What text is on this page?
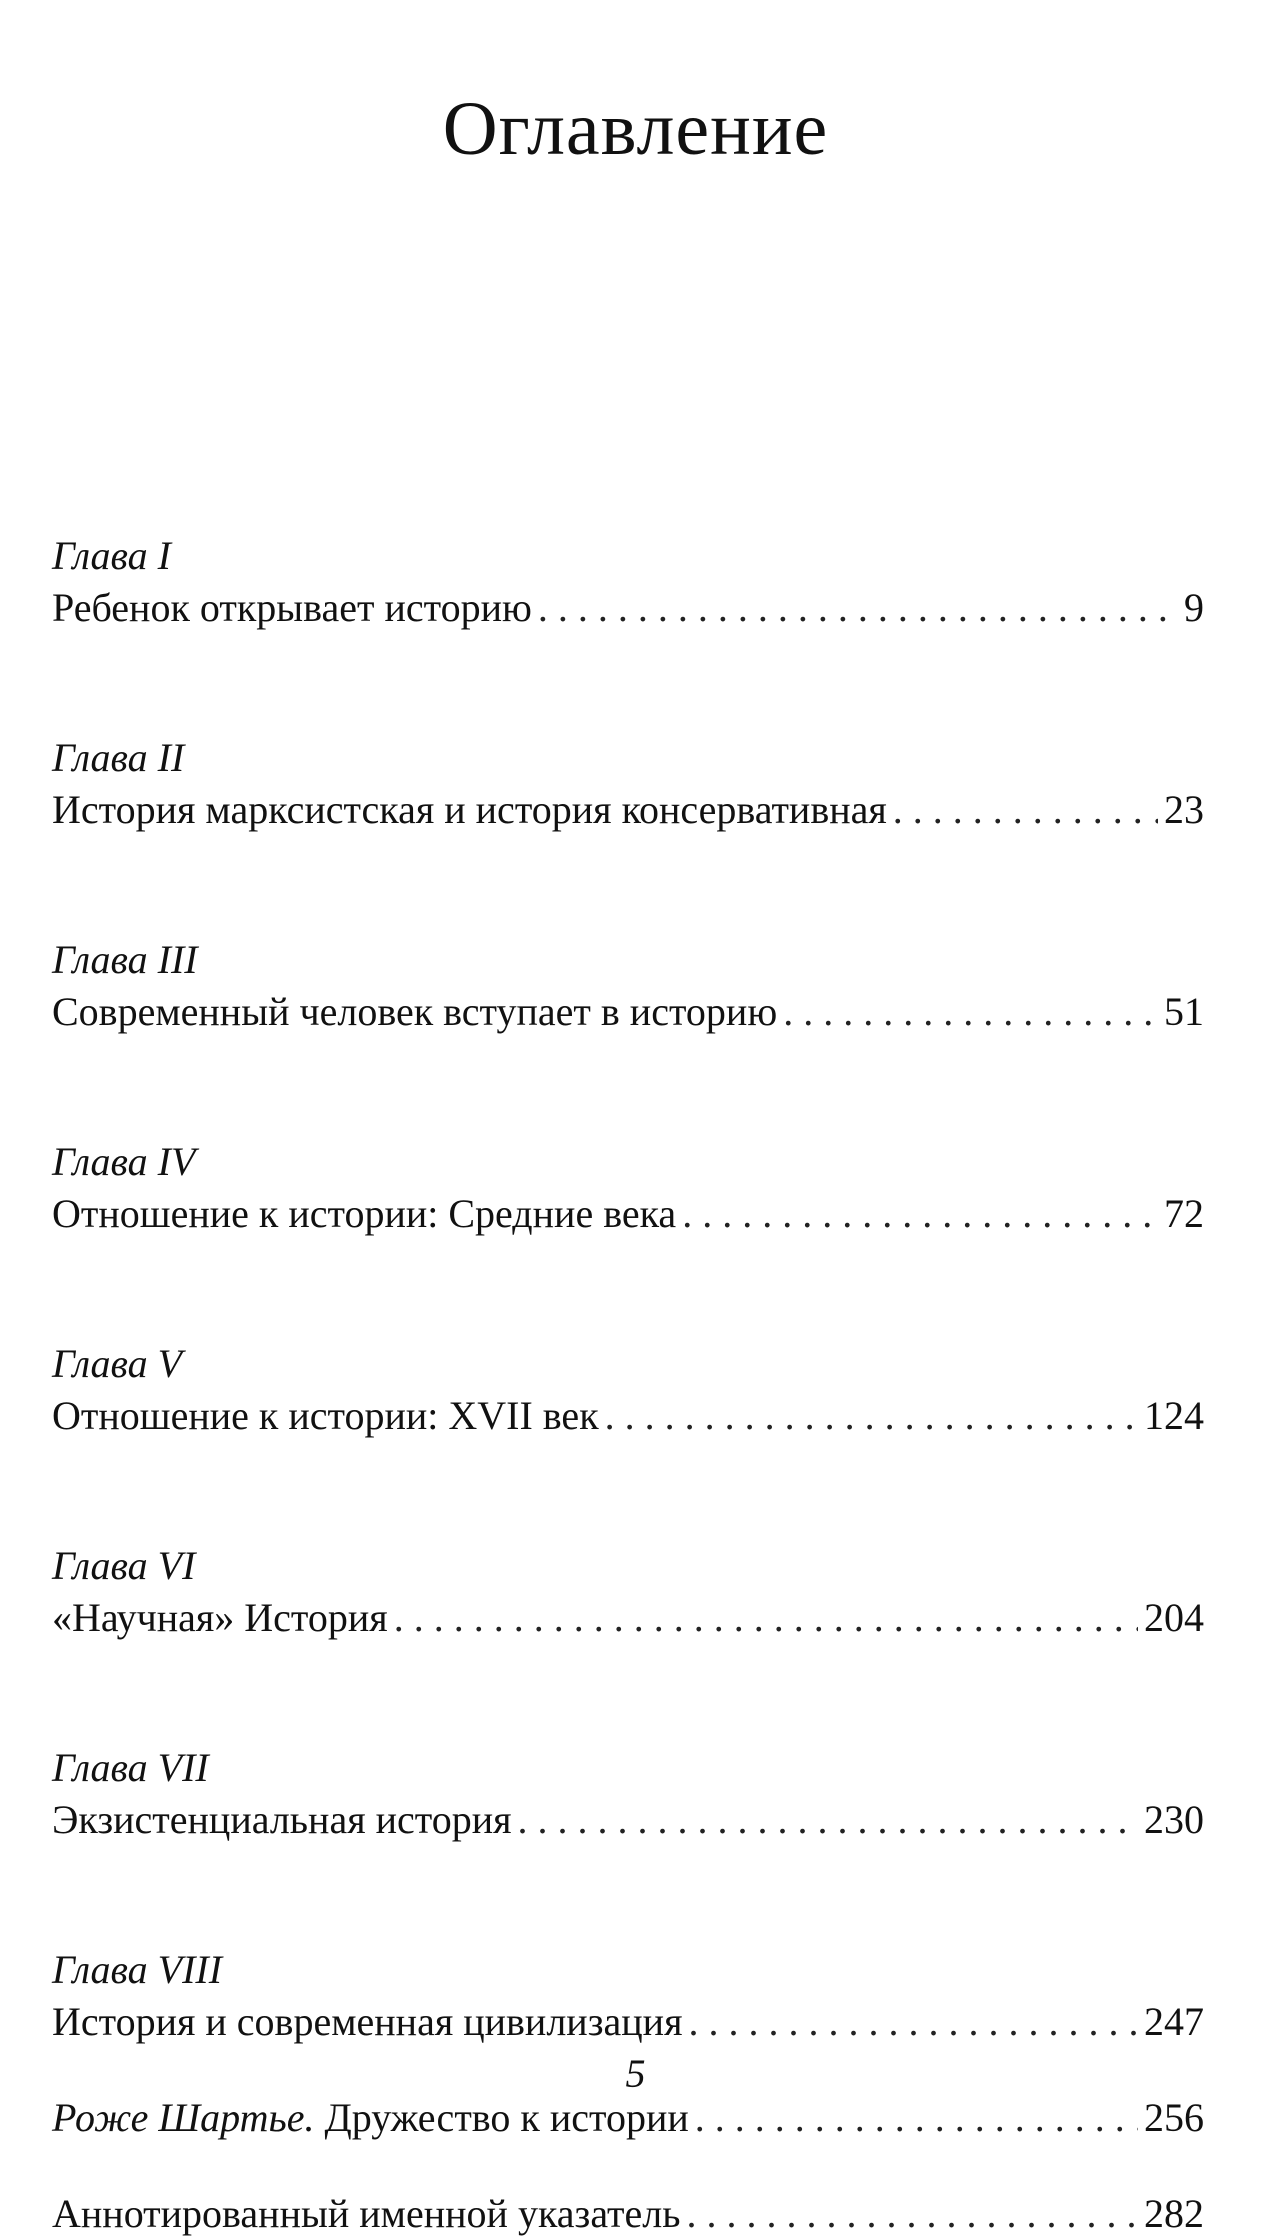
Оглавление
Глава I
Ребенок открывает историю . . .	9
Глава II
История марксистская и история консервативная . . .	23
Глава III
Современный человек вступает в историю . . .	51
Глава IV
Отношение к истории: Средние века . . .	72
Глава V
Отношение к истории: XVII век . . .	124
Глава VI
«Научная» История . . .	204
Глава VII
Экзистенциальная история . . .	230
Глава VIII
История и современная цивилизация . . .	247
Роже Шартье. Дружество к истории . . .	256
Аннотированный именной указатель . . .	282
5
